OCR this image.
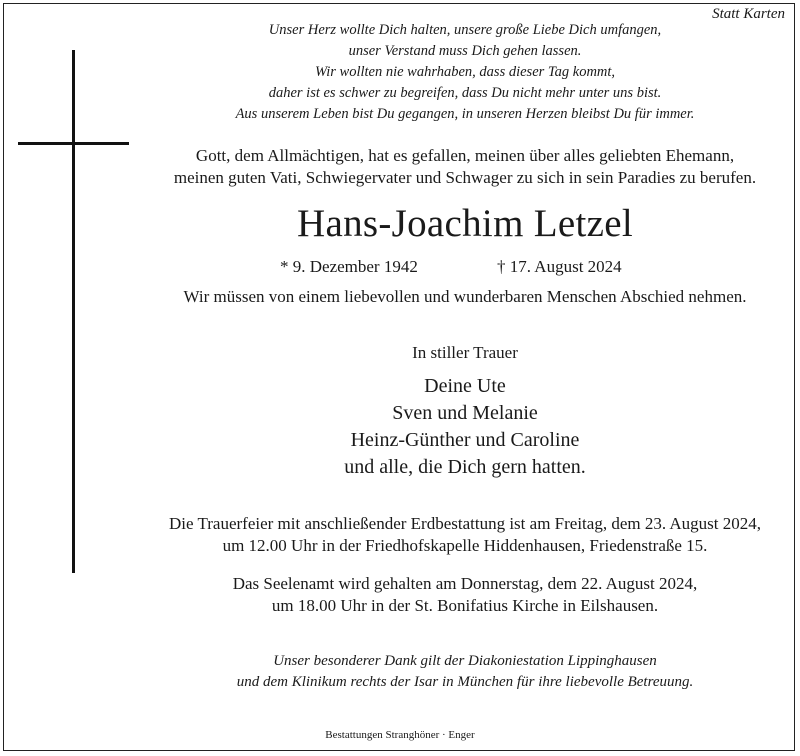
Statt Karten
Unser Herz wollte Dich halten, unsere große Liebe Dich umfangen,
unser Verstand muss Dich gehen lassen.
Wir wollten nie wahrhaben, dass dieser Tag kommt,
daher ist es schwer zu begreifen, dass Du nicht mehr unter uns bist.
Aus unserem Leben bist Du gegangen, in unseren Herzen bleibst Du für immer.
Gott, dem Allmächtigen, hat es gefallen, meinen über alles geliebten Ehemann,
meinen guten Vati, Schwiegervater und Schwager zu sich in sein Paradies zu berufen.
Hans-Joachim Letzel
* 9. Dezember 1942	† 17. August 2024
Wir müssen von einem liebevollen und wunderbaren Menschen Abschied nehmen.
In stiller Trauer
Deine Ute
Sven und Melanie
Heinz-Günther und Caroline
und alle, die Dich gern hatten.
Die Trauerfeier mit anschließender Erdbestattung ist am Freitag, dem 23. August 2024,
um 12.00 Uhr in der Friedhofskapelle Hiddenhausen, Friedenstraße 15.
Das Seelenamt wird gehalten am Donnerstag, dem 22. August 2024,
um 18.00 Uhr in der St. Bonifatius Kirche in Eilshausen.
Unser besonderer Dank gilt der Diakoniestation Lippinghausen
und dem Klinikum rechts der Isar in München für ihre liebevolle Betreuung.
Bestattungen Stranghöner · Enger
